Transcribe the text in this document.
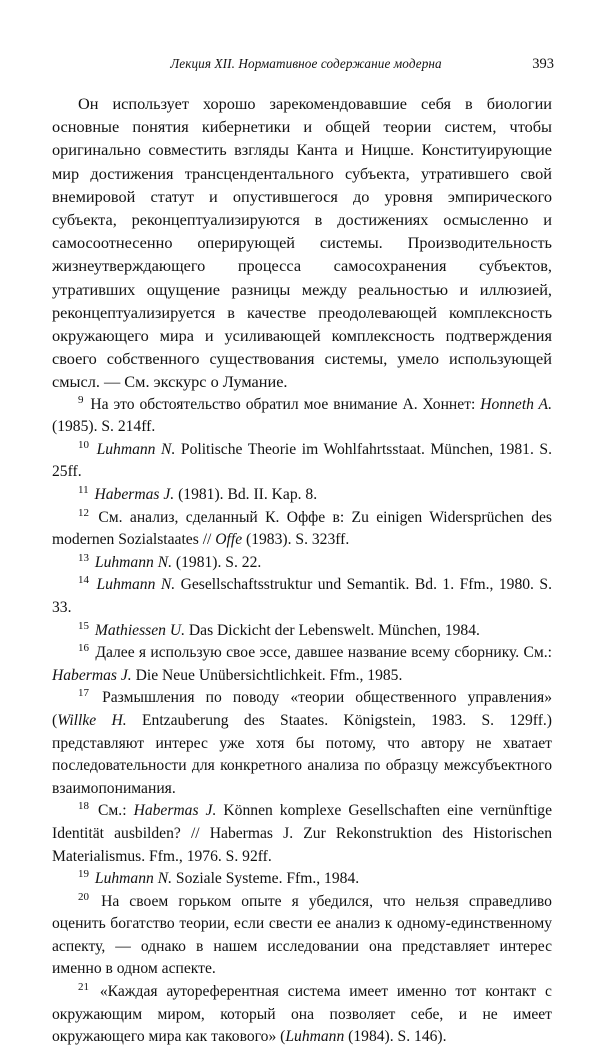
Лекция XII. Нормативное содержание модерна	393

Он использует хорошо зарекомендовавшие себя в биологии основные понятия кибернетики и общей теории систем, чтобы оригинально совместить взгляды Канта и Ницше. Конституирующие мир достижения трансцендентального субъекта, утратившего свой внемировой статут и опустившегося до уровня эмпирического субъекта, реконцептуализируются в достижениях осмысленно и самосоотнесенно оперирующей системы. Производительность жизнеутверждающего процесса самосохранения субъектов, утративших ощущение разницы между реальностью и иллюзией, реконцептуализируется в качестве преодолевающей комплексность окружающего мира и усиливающей комплексность подтверждения своего собственного существования системы, умело использующей смысл. — См. экскурс о Лумание.

$^9$ На это обстоятельство обратил мое внимание А. Хоннет: Honneth A. (1985). S. 214ff.

$^{10}$ Luhmann N. Politische Theorie im Wohlfahrtsstaat. München, 1981. S. 25ff.

$^{11}$ Habermas J. (1981). Bd. II. Kap. 8.

$^{12}$ См. анализ, сделанный К. Оффе в: Zu einigen Widersprüchen des modernen Sozialstaates // Offe (1983). S. 323ff.

$^{13}$ Luhmann N. (1981). S. 22.

$^{14}$ Luhmann N. Gesellschaftsstruktur und Semantik. Bd. 1. Ffm., 1980. S. 33.

$^{15}$ Mathiessen U. Das Dickicht der Lebenswelt. München, 1984.

$^{16}$ Далее я использую свое эссе, давшее название всему сборнику. См.: Habermas J. Die Neue Unübersichtlichkeit. Ffm., 1985.

$^{17}$ Размышления по поводу «теории общественного управления» (Willke H. Entzauberung des Staates. Königstein, 1983. S. 129ff.) представляют интерес уже хотя бы потому, что автору не хватает последовательности для конкретного анализа по образцу межсубъектного взаимопонимания.

$^{18}$ См.: Habermas J. Können komplexe Gesellschaften eine vernünftige Identität ausbilden? // Habermas J. Zur Rekonstruktion des Historischen Materialismus. Ffm., 1976. S. 92ff.

$^{19}$ Luhmann N. Soziale Systeme. Ffm., 1984.

$^{20}$ На своем горьком опыте я убедился, что нельзя справедливо оценить богатство теории, если свести ее анализ к одному-единственному аспекту, — однако в нашем исследовании она представляет интерес именно в одном аспекте.

$^{21}$ «Каждая аутореферентная система имеет именно тот контакт с окружающим миром, который она позволяет себе, и не имеет окружающего мира как такового» (Luhmann (1984). S. 146).
